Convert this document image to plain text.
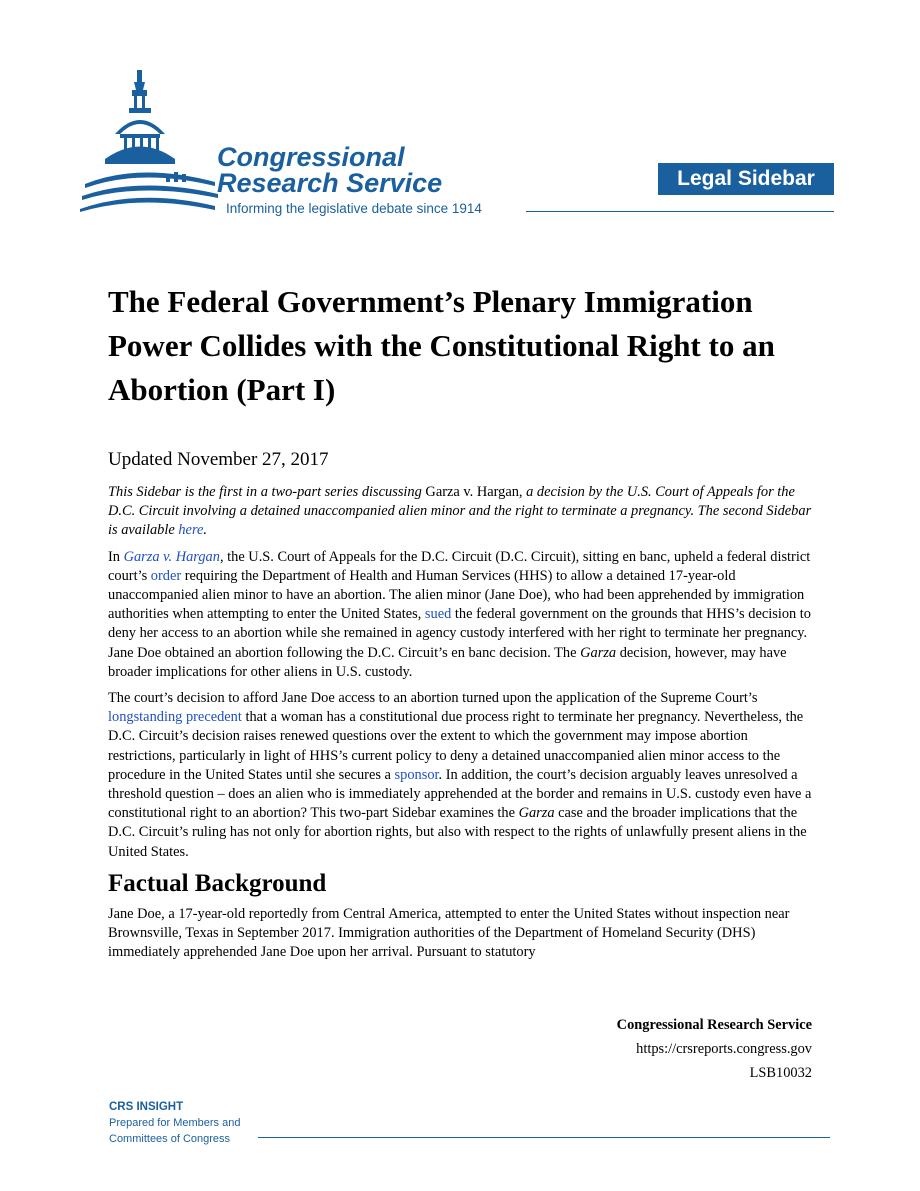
Congressional
Research Service
Informing the legislative debate since 1914
Legal Sidebar
The Federal Government’s Plenary Immigration Power Collides with the Constitutional Right to an Abortion (Part I)
Updated November 27, 2017

This Sidebar is the first in a two-part series discussing Garza v. Hargan, a decision by the U.S. Court of Appeals for the D.C. Circuit involving a detained unaccompanied alien minor and the right to terminate a pregnancy. The second Sidebar is available here.

In Garza v. Hargan, the U.S. Court of Appeals for the D.C. Circuit (D.C. Circuit), sitting en banc, upheld a federal district court’s order requiring the Department of Health and Human Services (HHS) to allow a detained 17-year-old unaccompanied alien minor to have an abortion. The alien minor (Jane Doe), who had been apprehended by immigration authorities when attempting to enter the United States, sued the federal government on the grounds that HHS’s decision to deny her access to an abortion while she remained in agency custody interfered with her right to terminate her pregnancy. Jane Doe obtained an abortion following the D.C. Circuit’s en banc decision. The Garza decision, however, may have broader implications for other aliens in U.S. custody.

The court’s decision to afford Jane Doe access to an abortion turned upon the application of the Supreme Court’s longstanding precedent that a woman has a constitutional due process right to terminate her pregnancy. Nevertheless, the D.C. Circuit’s decision raises renewed questions over the extent to which the government may impose abortion restrictions, particularly in light of HHS’s current policy to deny a detained unaccompanied alien minor access to the procedure in the United States until she secures a sponsor. In addition, the court’s decision arguably leaves unresolved a threshold question – does an alien who is immediately apprehended at the border and remains in U.S. custody even have a constitutional right to an abortion? This two-part Sidebar examines the Garza case and the broader implications that the D.C. Circuit’s ruling has not only for abortion rights, but also with respect to the rights of unlawfully present aliens in the United States.

Factual Background

Jane Doe, a 17-year-old reportedly from Central America, attempted to enter the United States without inspection near Brownsville, Texas in September 2017. Immigration authorities of the Department of Homeland Security (DHS) immediately apprehended Jane Doe upon her arrival. Pursuant to statutory

Congressional Research Service
https://crsreports.congress.gov
LSB10032
CRS INSIGHT
Prepared for Members and
Committees of Congress
